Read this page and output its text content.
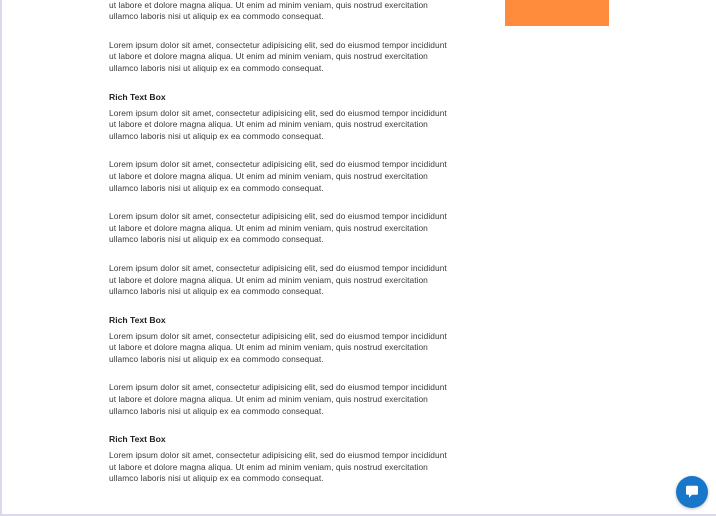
ut labore et dolore magna aliqua. Ut enim ad minim veniam, quis nostrud exercitation
ullamco laboris nisi ut aliquip ex ea commodo consequat.
Lorem ipsum dolor sit amet, consectetur adipisicing elit, sed do eiusmod tempor incididunt
ut labore et dolore magna aliqua. Ut enim ad minim veniam, quis nostrud exercitation
ullamco laboris nisi ut aliquip ex ea commodo consequat.
Rich Text Box
Lorem ipsum dolor sit amet, consectetur adipisicing elit, sed do eiusmod tempor incididunt
ut labore et dolore magna aliqua. Ut enim ad minim veniam, quis nostrud exercitation
ullamco laboris nisi ut aliquip ex ea commodo consequat.
Lorem ipsum dolor sit amet, consectetur adipisicing elit, sed do eiusmod tempor incididunt
ut labore et dolore magna aliqua. Ut enim ad minim veniam, quis nostrud exercitation
ullamco laboris nisi ut aliquip ex ea commodo consequat.
Lorem ipsum dolor sit amet, consectetur adipisicing elit, sed do eiusmod tempor incididunt
ut labore et dolore magna aliqua. Ut enim ad minim veniam, quis nostrud exercitation
ullamco laboris nisi ut aliquip ex ea commodo consequat.
Lorem ipsum dolor sit amet, consectetur adipisicing elit, sed do eiusmod tempor incididunt
ut labore et dolore magna aliqua. Ut enim ad minim veniam, quis nostrud exercitation
ullamco laboris nisi ut aliquip ex ea commodo consequat.
Rich Text Box
Lorem ipsum dolor sit amet, consectetur adipisicing elit, sed do eiusmod tempor incididunt
ut labore et dolore magna aliqua. Ut enim ad minim veniam, quis nostrud exercitation
ullamco laboris nisi ut aliquip ex ea commodo consequat.
Lorem ipsum dolor sit amet, consectetur adipisicing elit, sed do eiusmod tempor incididunt
ut labore et dolore magna aliqua. Ut enim ad minim veniam, quis nostrud exercitation
ullamco laboris nisi ut aliquip ex ea commodo consequat.
Rich Text Box
Lorem ipsum dolor sit amet, consectetur adipisicing elit, sed do eiusmod tempor incididunt
ut labore et dolore magna aliqua. Ut enim ad minim veniam, quis nostrud exercitation
ullamco laboris nisi ut aliquip ex ea commodo consequat.
